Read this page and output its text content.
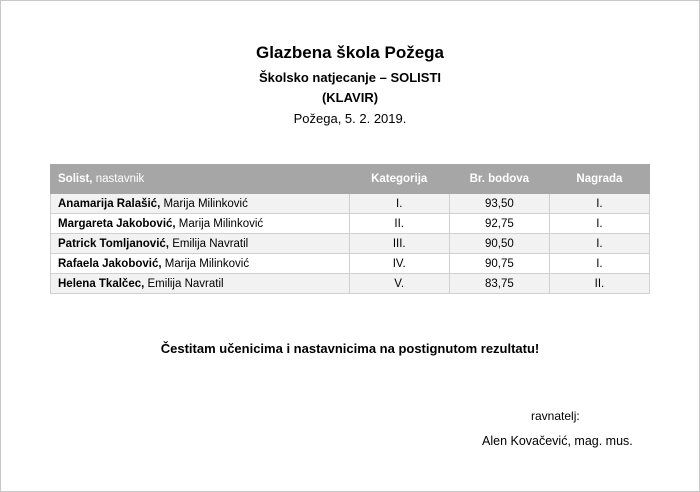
Glazbena škola Požega
Školsko natjecanje – SOLISTI
(KLAVIR)
Požega, 5. 2. 2019.
Solist, nastavnik	Kategorija	Br. bodova	Nagrada
Anamarija Ralašić, Marija Milinković	I.	93,50	I.
Margareta Jakobović, Marija Milinković	II.	92,75	I.
Patrick Tomljanović, Emilija Navratil	III.	90,50	I.
Rafaela Jakobović, Marija Milinković	IV.	90,75	I.
Helena Tkalčec, Emilija Navratil	V.	83,75	II.
Čestitam učenicima i nastavnicima na postignutom rezultatu!
ravnatelj:
Alen Kovačević, mag. mus.
